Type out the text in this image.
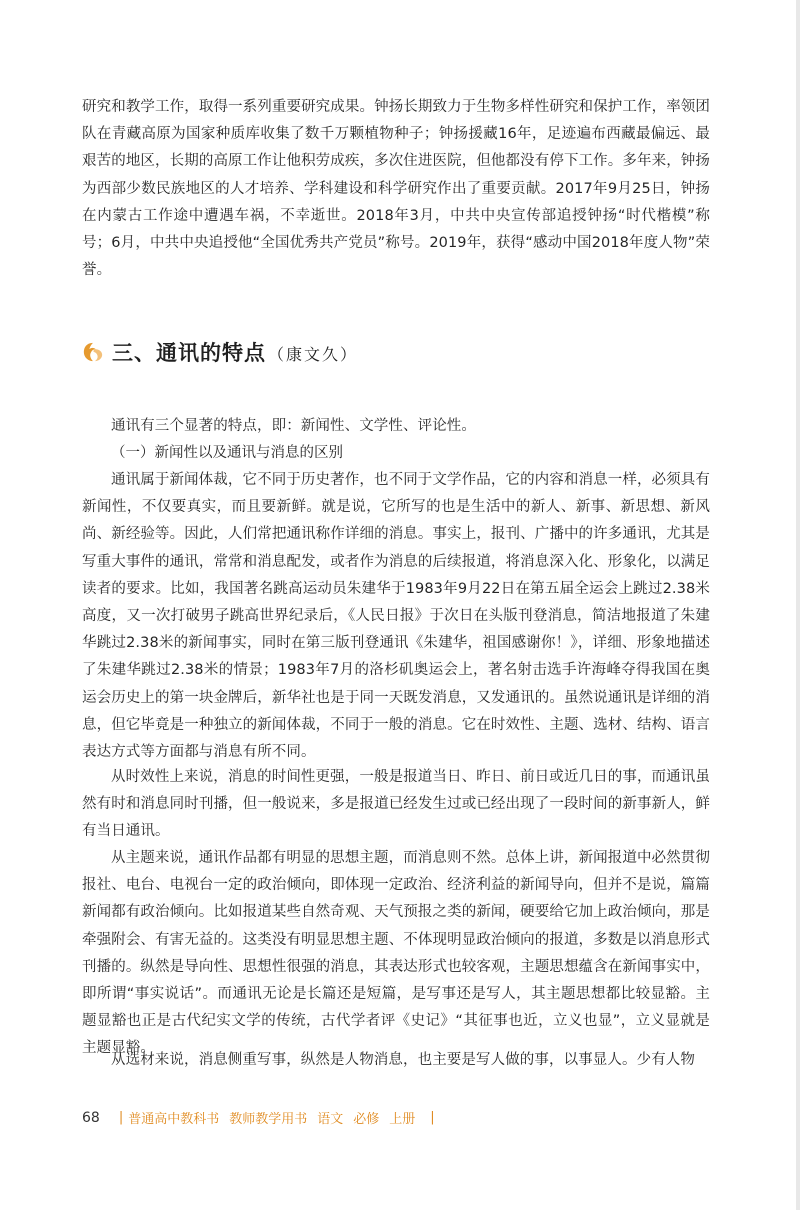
研究和教学工作，取得一系列重要研究成果。钟扬长期致力于生物多样性研究和保护工作，率领团队在青藏高原为国家种质库收集了数千万颗植物种子；钟扬援藏16年，足迹遍布西藏最偏远、最艰苦的地区，长期的高原工作让他积劳成疾，多次住进医院，但他都没有停下工作。多年来，钟扬为西部少数民族地区的人才培养、学科建设和科学研究作出了重要贡献。2017年9月25日，钟扬在内蒙古工作途中遭遇车祸，不幸逝世。2018年3月，中共中央宣传部追授钟扬“时代楷模”称号；6月，中共中央追授他“全国优秀共产党员”称号。2019年，获得“感动中国2018年度人物”荣誉。

三、通讯的特点 （康文久）

通讯有三个显著的特点，即：新闻性、文学性、评论性。

（一）新闻性以及通讯与消息的区别

通讯属于新闻体裁，它不同于历史著作，也不同于文学作品，它的内容和消息一样，必须具有新闻性，不仅要真实，而且要新鲜。就是说，它所写的也是生活中的新人、新事、新思想、新风尚、新经验等。因此，人们常把通讯称作详细的消息。事实上，报刊、广播中的许多通讯，尤其是写重大事件的通讯，常常和消息配发，或者作为消息的后续报道，将消息深入化、形象化，以满足读者的要求。比如，我国著名跳高运动员朱建华于1983年9月22日在第五届全运会上跳过2.38米高度，又一次打破男子跳高世界纪录后，《人民日报》于次日在头版刊登消息，简洁地报道了朱建华跳过2.38米的新闻事实，同时在第三版刊登通讯《朱建华，祖国感谢你！》，详细、形象地描述了朱建华跳过2.38米的情景；1983年7月的洛杉矶奥运会上，著名射击选手许海峰夺得我国在奥运会历史上的第一块金牌后，新华社也是于同一天既发消息，又发通讯的。虽然说通讯是详细的消息，但它毕竟是一种独立的新闻体裁，不同于一般的消息。它在时效性、主题、选材、结构、语言表达方式等方面都与消息有所不同。

从时效性上来说，消息的时间性更强，一般是报道当日、昨日、前日或近几日的事，而通讯虽然有时和消息同时刊播，但一般说来，多是报道已经发生过或已经出现了一段时间的新事新人，鲜有当日通讯。

从主题来说，通讯作品都有明显的思想主题，而消息则不然。总体上讲，新闻报道中必然贯彻报社、电台、电视台一定的政治倾向，即体现一定政治、经济利益的新闻导向，但并不是说，篇篇新闻都有政治倾向。比如报道某些自然奇观、天气预报之类的新闻，硬要给它加上政治倾向，那是牵强附会、有害无益的。这类没有明显思想主题、不体现明显政治倾向的报道，多数是以消息形式刊播的。纵然是导向性、思想性很强的消息，其表达形式也较客观，主题思想蕴含在新闻事实中，即所谓“事实说话”。而通讯无论是长篇还是短篇，是写事还是写人，其主题思想都比较显豁。主题显豁也正是古代纪实文学的传统，古代学者评《史记》“其征事也近，立义也显”，立义显就是主题显豁。

从选材来说，消息侧重写事，纵然是人物消息，也主要是写人做的事，以事显人。少有人物

68 | 普通高中教科书 教师教学用书 语文 必修 上册 |
